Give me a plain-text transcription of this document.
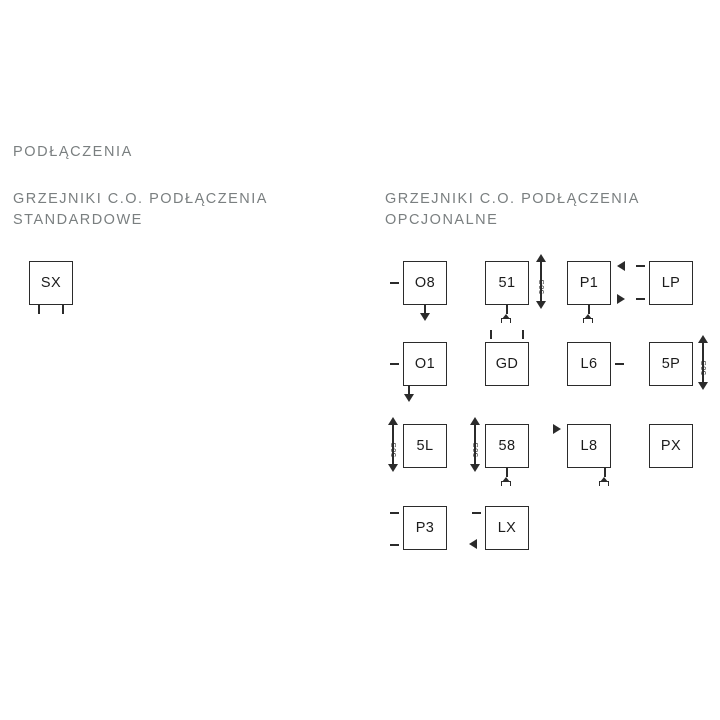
PODŁĄCZENIA
GRZEJNIKI C.O. PODŁĄCZENIA STANDARDOWE
GRZEJNIKI C.O. PODŁĄCZENIA OPCJONALNE
SX	O8	51	50S	P1	LP
O1	GD	L6	5P	50S
5L
50S	58
50S	L8	PX
P3	LX
